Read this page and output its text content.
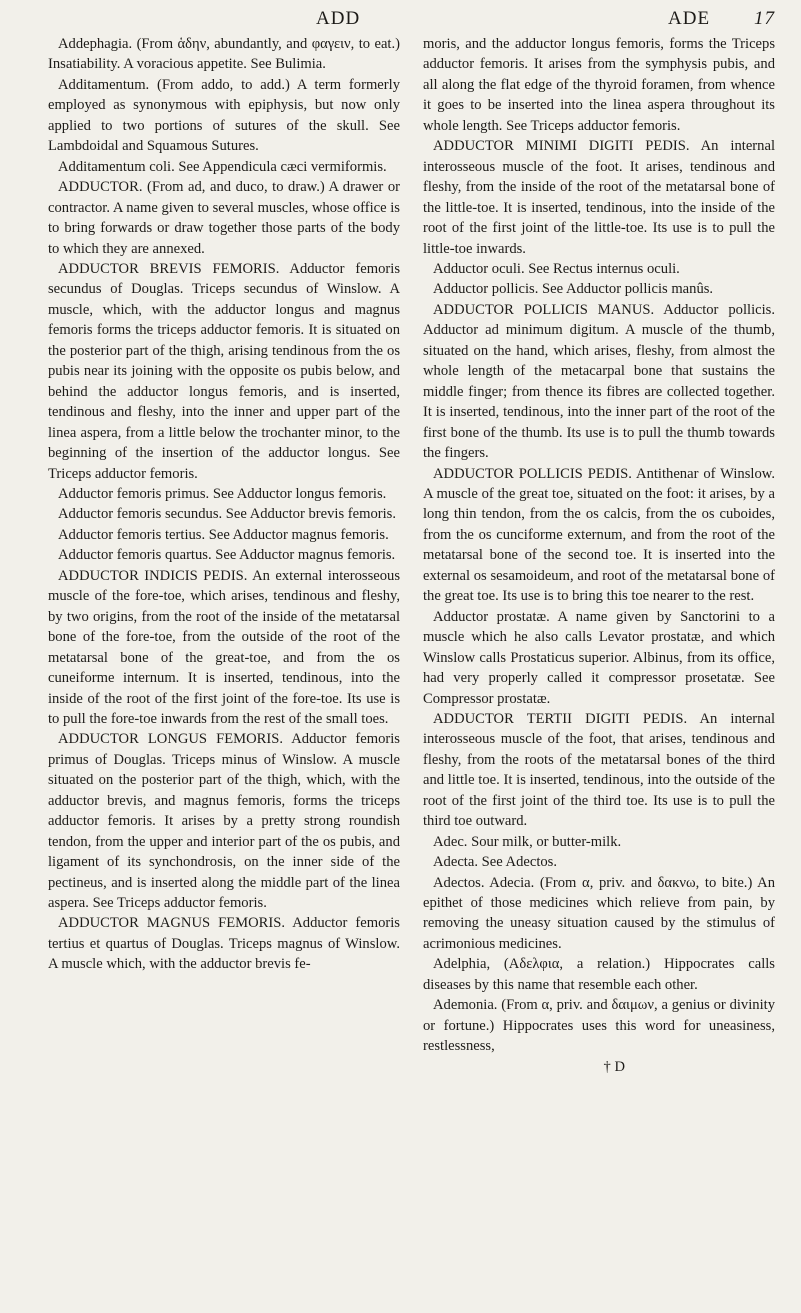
ADD	ADE 17

Addephagia. (From ἁδην, abundantly, and φαγειν, to eat.) Insatiability. A voracious appetite. See Bulimia.

Additamentum. (From addo, to add.) A term formerly employed as synonymous with epiphysis, but now only applied to two portions of sutures of the skull. See Lambdoidal and Squamous Sutures.

Additamentum coli. See Appendicula cæci vermiformis.

ADDUCTOR. (From ad, and duco, to draw.) A drawer or contractor. A name given to several muscles, whose office is to bring forwards or draw together those parts of the body to which they are annexed.

ADDUCTOR BREVIS FEMORIS. Adductor femoris secundus of Douglas. Triceps secundus of Winslow. A muscle, which, with the adductor longus and magnus femoris forms the triceps adductor femoris. It is situated on the posterior part of the thigh, arising tendinous from the os pubis near its joining with the opposite os pubis below, and behind the adductor longus femoris, and is inserted, tendinous and fleshy, into the inner and upper part of the linea aspera, from a little below the trochanter minor, to the beginning of the insertion of the adductor longus. See Triceps adductor femoris.

Adductor femoris primus. See Adductor longus femoris.

Adductor femoris secundus. See Adductor brevis femoris.

Adductor femoris tertius. See Adductor magnus femoris.

Adductor femoris quartus. See Adductor magnus femoris.

ADDUCTOR INDICIS PEDIS. An external interosseous muscle of the fore-toe, which arises, tendinous and fleshy, by two origins, from the root of the inside of the metatarsal bone of the fore-toe, from the outside of the root of the metatarsal bone of the great-toe, and from the os cuneiforme internum. It is inserted, tendinous, into the inside of the root of the first joint of the fore-toe. Its use is to pull the fore-toe inwards from the rest of the small toes.

ADDUCTOR LONGUS FEMORIS. Adductor femoris primus of Douglas. Triceps minus of Winslow. A muscle situated on the posterior part of the thigh, which, with the adductor brevis, and magnus femoris, forms the triceps adductor femoris. It arises by a pretty strong roundish tendon, from the upper and interior part of the os pubis, and ligament of its synchondrosis, on the inner side of the pectineus, and is inserted along the middle part of the linea aspera. See Triceps adductor femoris.

ADDUCTOR MAGNUS FEMORIS. Adductor femoris tertius et quartus of Douglas. Triceps magnus of Winslow. A muscle which, with the adductor brevis fe-

moris, and the adductor longus femoris, forms the Triceps adductor femoris. It arises from the symphysis pubis, and all along the flat edge of the thyroid foramen, from whence it goes to be inserted into the linea aspera throughout its whole length. See Triceps adductor femoris.

ADDUCTOR MINIMI DIGITI PEDIS. An internal interosseous muscle of the foot. It arises, tendinous and fleshy, from the inside of the root of the metatarsal bone of the little-toe. It is inserted, tendinous, into the inside of the root of the first joint of the little-toe. Its use is to pull the little-toe inwards.

Adductor oculi. See Rectus internus oculi.

Adductor pollicis. See Adductor pollicis manûs.

ADDUCTOR POLLICIS MANUS. Adductor pollicis. Adductor ad minimum digitum. A muscle of the thumb, situated on the hand, which arises, fleshy, from almost the whole length of the metacarpal bone that sustains the middle finger; from thence its fibres are collected together. It is inserted, tendinous, into the inner part of the root of the first bone of the thumb. Its use is to pull the thumb towards the fingers.

ADDUCTOR POLLICIS PEDIS. Antithenar of Winslow. A muscle of the great toe, situated on the foot: it arises, by a long thin tendon, from the os calcis, from the os cuboides, from the os cunciforme externum, and from the root of the metatarsal bone of the second toe. It is inserted into the external os sesamoideum, and root of the metatarsal bone of the great toe. Its use is to bring this toe nearer to the rest.

Adductor prostatæ. A name given by Sanctorini to a muscle which he also calls Levator prostatæ, and which Winslow calls Prostaticus superior. Albinus, from its office, had very properly called it compressor prosetatæ. See Compressor prostatæ.

ADDUCTOR TERTII DIGITI PEDIS. An internal interosseous muscle of the foot, that arises, tendinous and fleshy, from the roots of the metatarsal bones of the third and little toe. It is inserted, tendinous, into the outside of the root of the first joint of the third toe. Its use is to pull the third toe outward.

Adec. Sour milk, or butter-milk.

Adecta. See Adectos.

Adectos. Adecia. (From α, priv. and δακνω, to bite.) An epithet of those medicines which relieve from pain, by removing the uneasy situation caused by the stimulus of acrimonious medicines.

Adelphia, (Αδελφια, a relation.) Hippocrates calls diseases by this name that resemble each other.

Ademonia. (From α, priv. and δαιμων, a genius or divinity or fortune.) Hippocrates uses this word for uneasiness, restlessness,

† D
